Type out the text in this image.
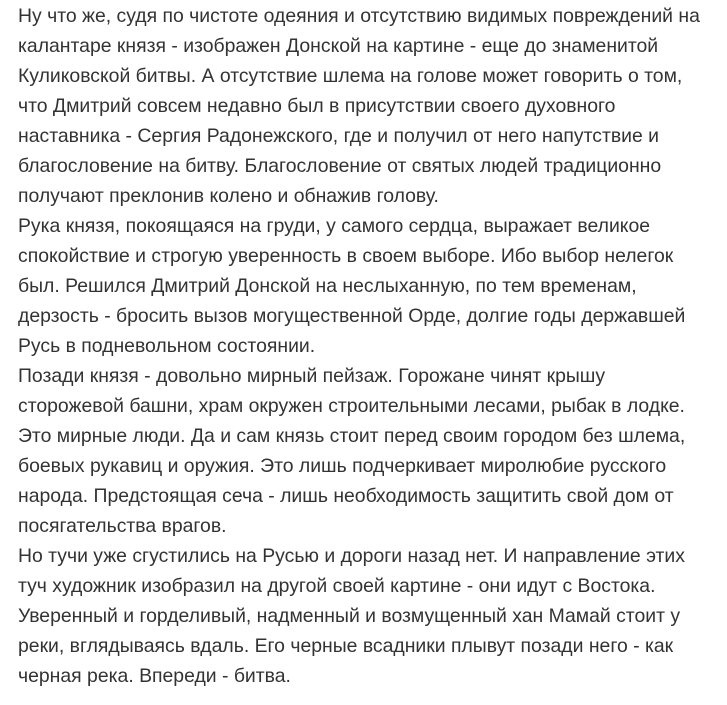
Ну что же, судя по чистоте одеяния и отсутствию видимых повреждений на

калантаре князя - изображен Донской на картине - еще до знаменитой

Куликовской битвы. А отсутствие шлема на голове может говорить о том,

что Дмитрий совсем недавно был в присутствии своего духовного

наставника - Сергия Радонежского, где и получил от него напутствие и

благословение на битву. Благословение от святых людей традиционно

получают преклонив колено и обнажив голову.

Рука князя, покоящаяся на груди, у самого сердца, выражает великое

спокойствие и строгую уверенность в своем выборе. Ибо выбор нелегок

был. Решился Дмитрий Донской на неслыханную, по тем временам,

дерзость - бросить вызов могущественной Орде, долгие годы державшей

Русь в подневольном состоянии.

Позади князя - довольно мирный пейзаж. Горожане чинят крышу

сторожевой башни, храм окружен строительными лесами, рыбак в лодке.

Это мирные люди. Да и сам князь стоит перед своим городом без шлема,

боевых рукавиц и оружия. Это лишь подчеркивает миролюбие русского

народа. Предстоящая сеча - лишь необходимость защитить свой дом от

посягательства врагов.

Но тучи уже сгустились на Русью и дороги назад нет. И направление этих

туч художник изобразил на другой своей картине - они идут с Востока.

Уверенный и горделивый, надменный и возмущенный хан Мамай стоит у

реки, вглядываясь вдаль. Его черные всадники плывут позади него - как

черная река. Впереди - битва.
